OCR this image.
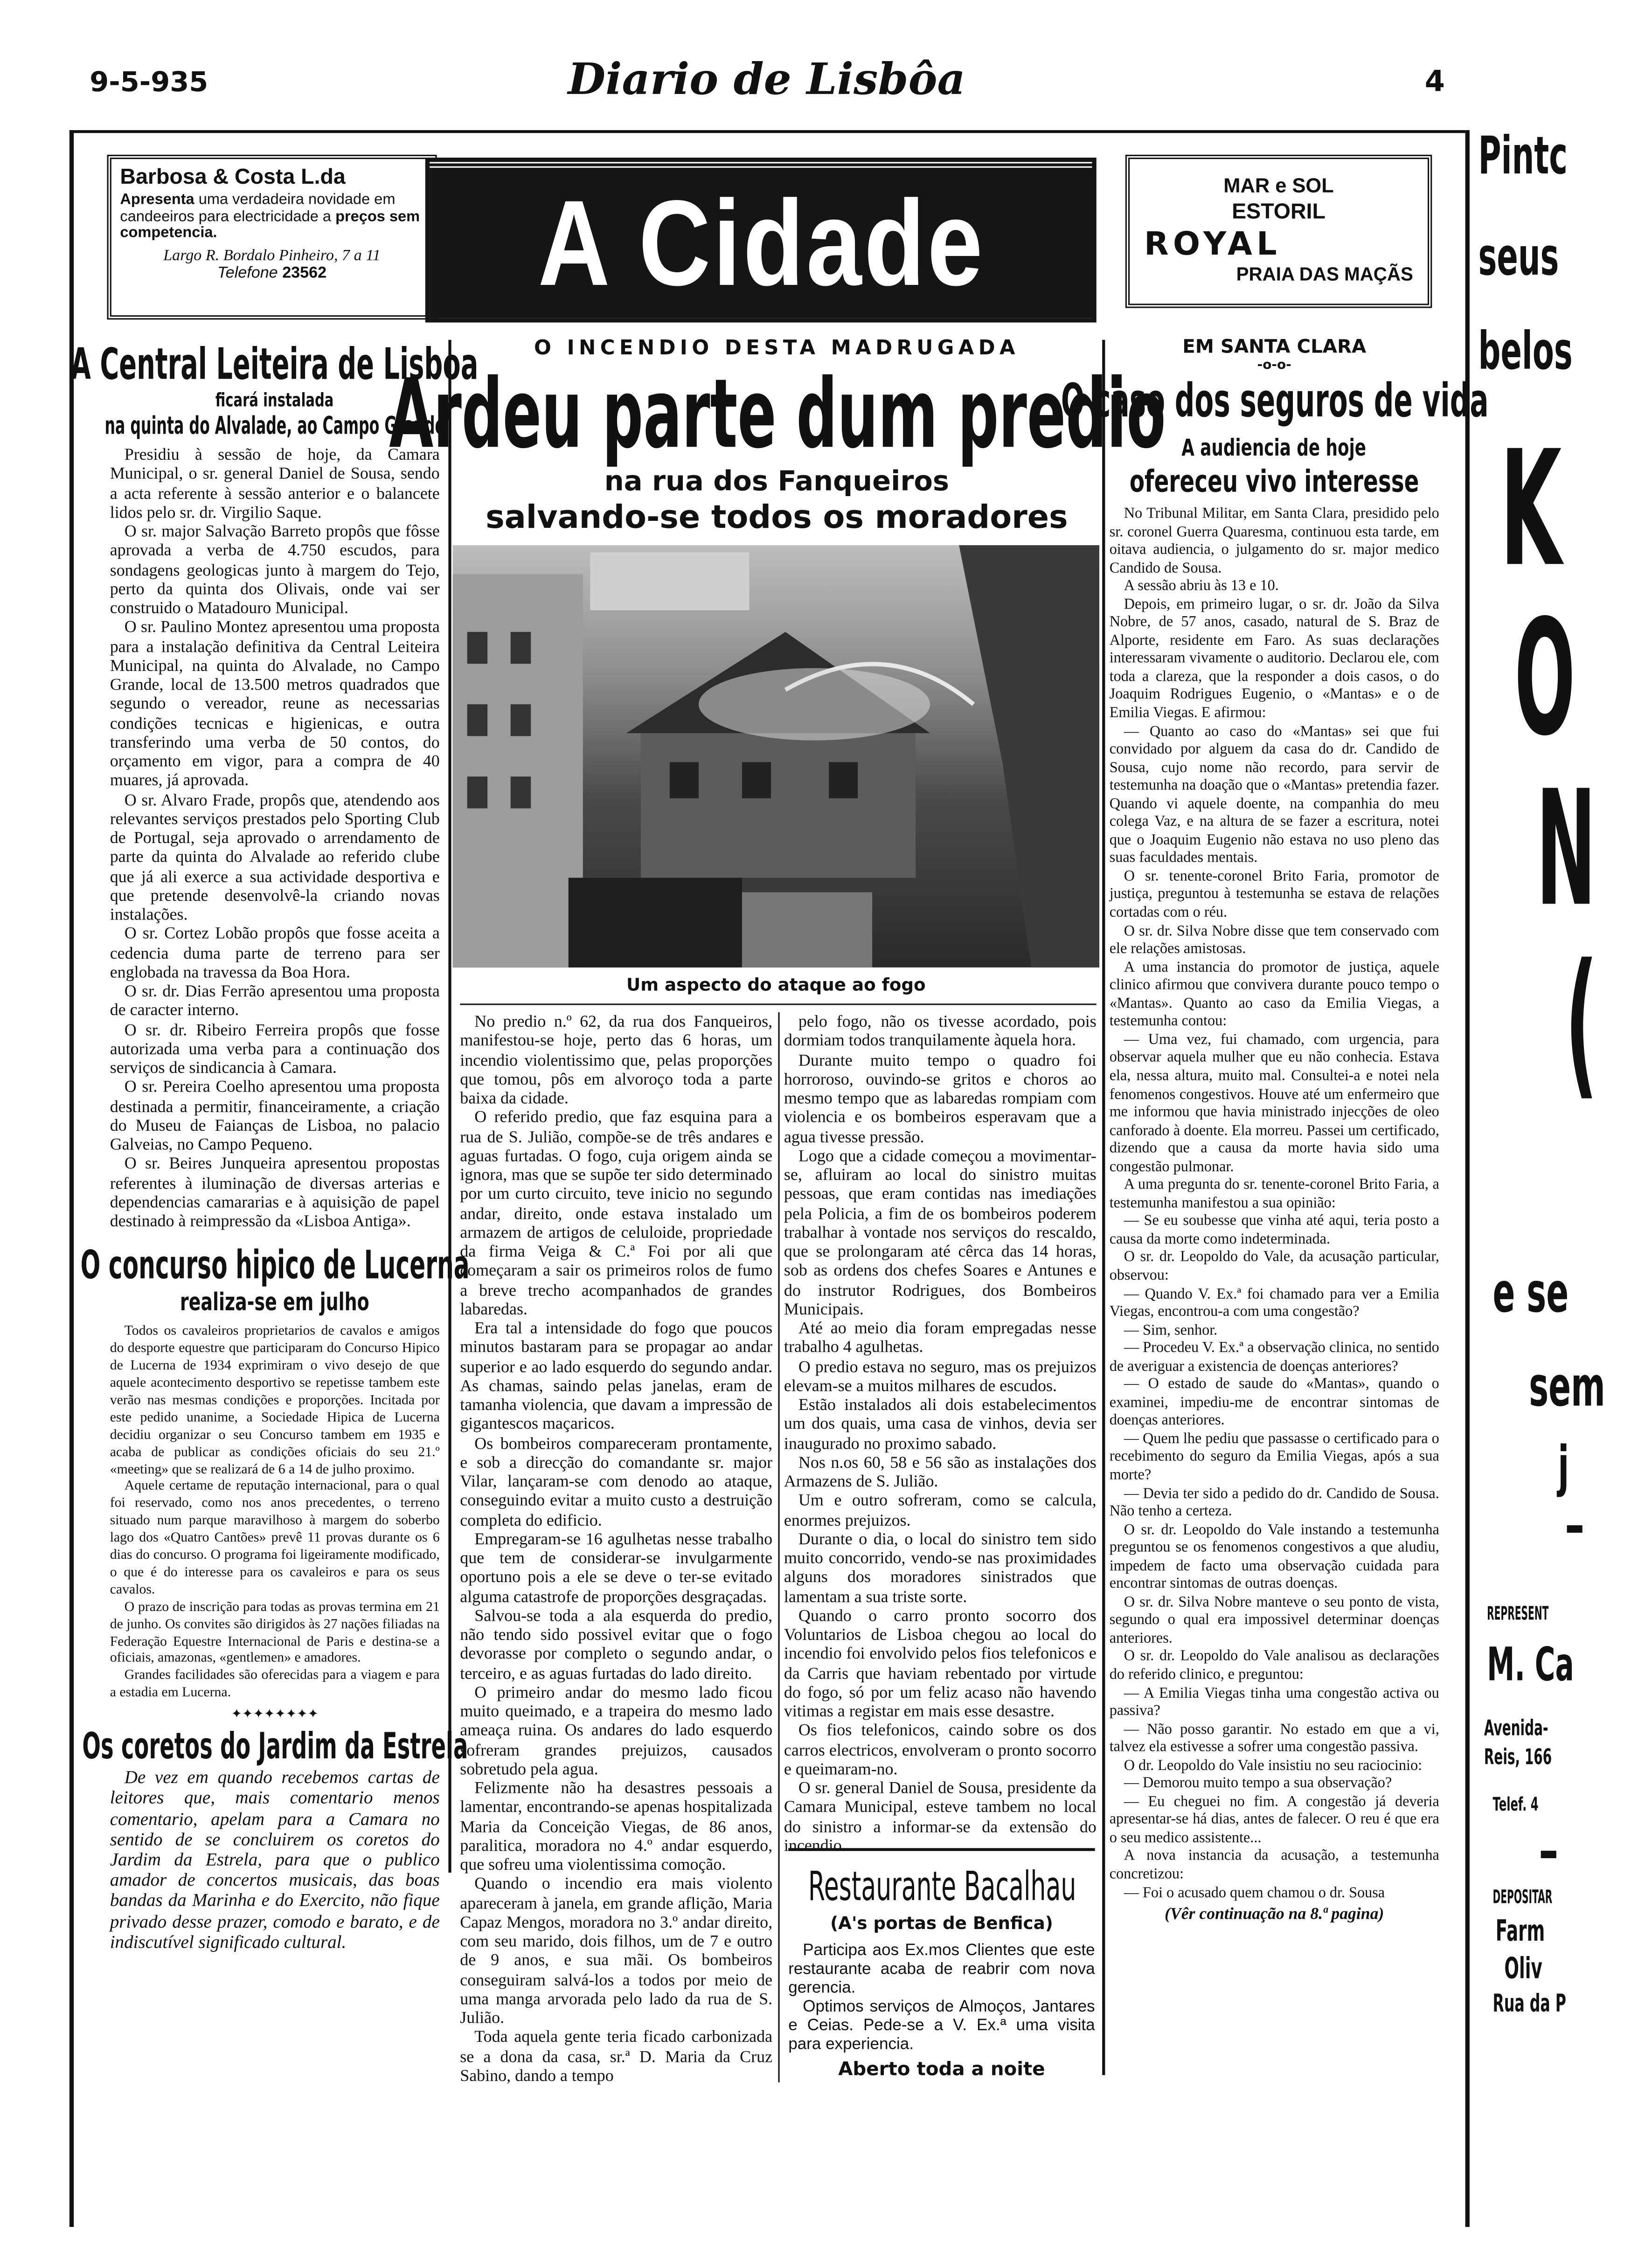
9-5-935	Diario de Lisbôa	4
Barbosa & Costa L.da
Apresenta uma verdadeira novidade em candeeiros para electricidade a preços sem competencia.
Largo R. Bordalo Pinheiro, 7 a 11
Telefone 23562	A Cidade	MAR e SOL
ESTORIL
ROYAL
PRAIA DAS MAÇÃS
Pintc
seus
belos
K
O
N
(
e se
sem
j
▬
REPRESENT
M. Ca
Avenida-
Reis, 166
Telef. 4
▬
DEPOSITAR
Farm
Oliv
Rua da P
A Central Leiteira de Lisboa
ficará instalada
na quinta do Alvalade, ao Campo Grande

Presidiu à sessão de hoje, da Camara Municipal, o sr. general Daniel de Sousa, sendo a acta referente à sessão anterior e o balancete lidos pelo sr. dr. Virgilio Saque.

O sr. major Salvação Barreto propôs que fôsse aprovada a verba de 4.750 escudos, para sondagens geologicas junto à margem do Tejo, perto da quinta dos Olivais, onde vai ser construido o Matadouro Municipal.

O sr. Paulino Montez apresentou uma proposta para a instalação definitiva da Central Leiteira Municipal, na quinta do Alvalade, no Campo Grande, local de 13.500 metros quadrados que segundo o vereador, reune as necessarias condições tecnicas e higienicas, e outra transferindo uma verba de 50 contos, do orçamento em vigor, para a compra de 40 muares, já aprovada.

O sr. Alvaro Frade, propôs que, atendendo aos relevantes serviços prestados pelo Sporting Club de Portugal, seja aprovado o arrendamento de parte da quinta do Alvalade ao referido clube que já ali exerce a sua actividade desportiva e que pretende desenvolvê-la criando novas instalações.

O sr. Cortez Lobão propôs que fosse aceita a cedencia duma parte de terreno para ser englobada na travessa da Boa Hora.

O sr. dr. Dias Ferrão apresentou uma proposta de caracter interno.

O sr. dr. Ribeiro Ferreira propôs que fosse autorizada uma verba para a continuação dos serviços de sindicancia à Camara.

O sr. Pereira Coelho apresentou uma proposta destinada a permitir, financeiramente, a criação do Museu de Faianças de Lisboa, no palacio Galveias, no Campo Pequeno.

O sr. Beires Junqueira apresentou propostas referentes à iluminação de diversas arterias e dependencias camararias e à aquisição de papel destinado à reimpressão da «Lisboa Antiga».

O concurso hipico de Lucerna
realiza-se em julho

Todos os cavaleiros proprietarios de cavalos e amigos do desporte equestre que participaram do Concurso Hipico de Lucerna de 1934 exprimiram o vivo desejo de que aquele acontecimento desportivo se repetisse tambem este verão nas mesmas condições e proporções. Incitada por este pedido unanime, a Sociedade Hipica de Lucerna decidiu organizar o seu Concurso tambem em 1935 e acaba de publicar as condições oficiais do seu 21.º «meeting» que se realizará de 6 a 14 de julho proximo.

Aquele certame de reputação internacional, para o qual foi reservado, como nos anos precedentes, o terreno situado num parque maravilhoso à margem do soberbo lago dos «Quatro Cantões» prevê 11 provas durante os 6 dias do concurso. O programa foi ligeiramente modificado, o que é do interesse para os cavaleiros e para os seus cavalos.

O prazo de inscrição para todas as provas termina em 21 de junho. Os convites são dirigidos às 27 nações filiadas na Federação Equestre Internacional de Paris e destina-se a oficiais, amazonas, «gentlemen» e amadores.

Grandes facilidades são oferecidas para a viagem e para a estadia em Lucerna.

✦✦✦✦✦✦✦✦
Os coretos do Jardim da Estrela

De vez em quando recebemos cartas de leitores que, mais comentario menos comentario, apelam para a Camara no sentido de se concluirem os coretos do Jardim da Estrela, para que o publico amador de concertos musicais, das boas bandas da Marinha e do Exercito, não fique privado desse prazer, comodo e barato, e de indiscutível significado cultural.

O INCENDIO DESTA MADRUGADA
Ardeu parte dum predio
na rua dos Fanqueiros
salvando-se todos os moradores
Um aspecto do ataque ao fogo

No predio n.º 62, da rua dos Fanqueiros, manifestou-se hoje, perto das 6 horas, um incendio violentissimo que, pelas proporções que tomou, pôs em alvoroço toda a parte baixa da cidade.

O referido predio, que faz esquina para a rua de S. Julião, compõe-se de três andares e aguas furtadas. O fogo, cuja origem ainda se ignora, mas que se supõe ter sido determinado por um curto circuito, teve inicio no segundo andar, direito, onde estava instalado um armazem de artigos de celuloide, propriedade da firma Veiga & C.ª Foi por ali que começaram a sair os primeiros rolos de fumo a breve trecho acompanhados de grandes labaredas.

Era tal a intensidade do fogo que poucos minutos bastaram para se propagar ao andar superior e ao lado esquerdo do segundo andar. As chamas, saindo pelas janelas, eram de tamanha violencia, que davam a impressão de gigantescos maçaricos.

Os bombeiros compareceram prontamente, e sob a direcção do comandante sr. major Vilar, lançaram-se com denodo ao ataque, conseguindo evitar a muito custo a destruição completa do edificio.

Empregaram-se 16 agulhetas nesse trabalho que tem de considerar-se invulgarmente oportuno pois a ele se deve o ter-se evitado alguma catastrofe de proporções desgraçadas.

Salvou-se toda a ala esquerda do predio, não tendo sido possivel evitar que o fogo devorasse por completo o segundo andar, o terceiro, e as aguas furtadas do lado direito.

O primeiro andar do mesmo lado ficou muito queimado, e a trapeira do mesmo lado ameaça ruina. Os andares do lado esquerdo sofreram grandes prejuizos, causados sobretudo pela agua.

Felizmente não ha desastres pessoais a lamentar, encontrando-se apenas hospitalizada Maria da Conceição Viegas, de 86 anos, paralitica, moradora no 4.º andar esquerdo, que sofreu uma violentissima comoção.

Quando o incendio era mais violento apareceram à janela, em grande aflição, Maria Capaz Mengos, moradora no 3.º andar direito, com seu marido, dois filhos, um de 7 e outro de 9 anos, e sua mãi. Os bombeiros conseguiram salvá-los a todos por meio de uma manga arvorada pelo lado da rua de S. Julião.

Toda aquela gente teria ficado carbonizada se a dona da casa, sr.ª D. Maria da Cruz Sabino, dando a tempo

pelo fogo, não os tivesse acordado, pois dormiam todos tranquilamente àquela hora.

Durante muito tempo o quadro foi horroroso, ouvindo-se gritos e choros ao mesmo tempo que as labaredas rompiam com violencia e os bombeiros esperavam que a agua tivesse pressão.

Logo que a cidade começou a movimentar-se, afluiram ao local do sinistro muitas pessoas, que eram contidas nas imediações pela Policia, a fim de os bombeiros poderem trabalhar à vontade nos serviços do rescaldo, que se prolongaram até cêrca das 14 horas, sob as ordens dos chefes Soares e Antunes e do instrutor Rodrigues, dos Bombeiros Municipais.

Até ao meio dia foram empregadas nesse trabalho 4 agulhetas.

O predio estava no seguro, mas os prejuizos elevam-se a muitos milhares de escudos.

Estão instalados ali dois estabelecimentos um dos quais, uma casa de vinhos, devia ser inaugurado no proximo sabado.

Nos n.os 60, 58 e 56 são as instalações dos Armazens de S. Julião.

Um e outro sofreram, como se calcula, enormes prejuizos.

Durante o dia, o local do sinistro tem sido muito concorrido, vendo-se nas proximidades alguns dos moradores sinistrados que lamentam a sua triste sorte.

Quando o carro pronto socorro dos Voluntarios de Lisboa chegou ao local do incendio foi envolvido pelos fios telefonicos e da Carris que haviam rebentado por virtude do fogo, só por um feliz acaso não havendo vitimas a registar em mais esse desastre.

Os fios telefonicos, caindo sobre os dos carros electricos, envolveram o pronto socorro e queimaram-no.

O sr. general Daniel de Sousa, presidente da Camara Municipal, esteve tambem no local do sinistro a informar-se da extensão do incendio.

Restaurante Bacalhau
(A's portas de Benfica)
Participa aos Ex.mos Clientes que este restaurante acaba de reabrir com nova gerencia.
Optimos serviços de Almoços, Jantares e Ceias. Pede-se a V. Ex.ª uma visita para experiencia.
Aberto toda a noite
EM SANTA CLARA
-o-o-
O caso dos seguros de vida
A audiencia de hoje
ofereceu vivo interesse

No Tribunal Militar, em Santa Clara, presidido pelo sr. coronel Guerra Quaresma, continuou esta tarde, em oitava audiencia, o julgamento do sr. major medico Candido de Sousa.

A sessão abriu às 13 e 10.

Depois, em primeiro lugar, o sr. dr. João da Silva Nobre, de 57 anos, casado, natural de S. Braz de Alporte, residente em Faro. As suas declarações interessaram vivamente o auditorio. Declarou ele, com toda a clareza, que la responder a dois casos, o do Joaquim Rodrigues Eugenio, o «Mantas» e o de Emilia Viegas. E afirmou:

— Quanto ao caso do «Mantas» sei que fui convidado por alguem da casa do dr. Candido de Sousa, cujo nome não recordo, para servir de testemunha na doação que o «Mantas» pretendia fazer. Quando vi aquele doente, na companhia do meu colega Vaz, e na altura de se fazer a escritura, notei que o Joaquim Eugenio não estava no uso pleno das suas faculdades mentais.

O sr. tenente-coronel Brito Faria, promotor de justiça, preguntou à testemunha se estava de relações cortadas com o réu.

O sr. dr. Silva Nobre disse que tem conservado com ele relações amistosas.

A uma instancia do promotor de justiça, aquele clinico afirmou que convivera durante pouco tempo o «Mantas». Quanto ao caso da Emilia Viegas, a testemunha contou:

— Uma vez, fui chamado, com urgencia, para observar aquela mulher que eu não conhecia. Estava ela, nessa altura, muito mal. Consultei-a e notei nela fenomenos congestivos. Houve até um enfermeiro que me informou que havia ministrado injecções de oleo canforado à doente. Ela morreu. Passei um certificado, dizendo que a causa da morte havia sido uma congestão pulmonar.

A uma pregunta do sr. tenente-coronel Brito Faria, a testemunha manifestou a sua opinião:

— Se eu soubesse que vinha até aqui, teria posto a causa da morte como indeterminada.

O sr. dr. Leopoldo do Vale, da acusação particular, observou:

— Quando V. Ex.ª foi chamado para ver a Emilia Viegas, encontrou-a com uma congestão?

— Sim, senhor.

— Procedeu V. Ex.ª a observação clinica, no sentido de averiguar a existencia de doenças anteriores?

— O estado de saude do «Mantas», quando o examinei, impediu-me de encontrar sintomas de doenças anteriores.

— Quem lhe pediu que passasse o certificado para o recebimento do seguro da Emilia Viegas, após a sua morte?

— Devia ter sido a pedido do dr. Candido de Sousa. Não tenho a certeza.

O sr. dr. Leopoldo do Vale instando a testemunha preguntou se os fenomenos congestivos a que aludiu, impedem de facto uma observação cuidada para encontrar sintomas de outras doenças.

O sr. dr. Silva Nobre manteve o seu ponto de vista, segundo o qual era impossivel determinar doenças anteriores.

O sr. dr. Leopoldo do Vale analisou as declarações do referido clinico, e preguntou:

— A Emilia Viegas tinha uma congestão activa ou passiva?

— Não posso garantir. No estado em que a vi, talvez ela estivesse a sofrer uma congestão passiva.

O dr. Leopoldo do Vale insistiu no seu raciocinio:

— Demorou muito tempo a sua observação?

— Eu cheguei no fim. A congestão já deveria apresentar-se há dias, antes de falecer. O reu é que era o seu medico assistente...

A nova instancia da acusação, a testemunha concretizou:

— Foi o acusado quem chamou o dr. Sousa

(Vêr continuação na 8.ª pagina)
